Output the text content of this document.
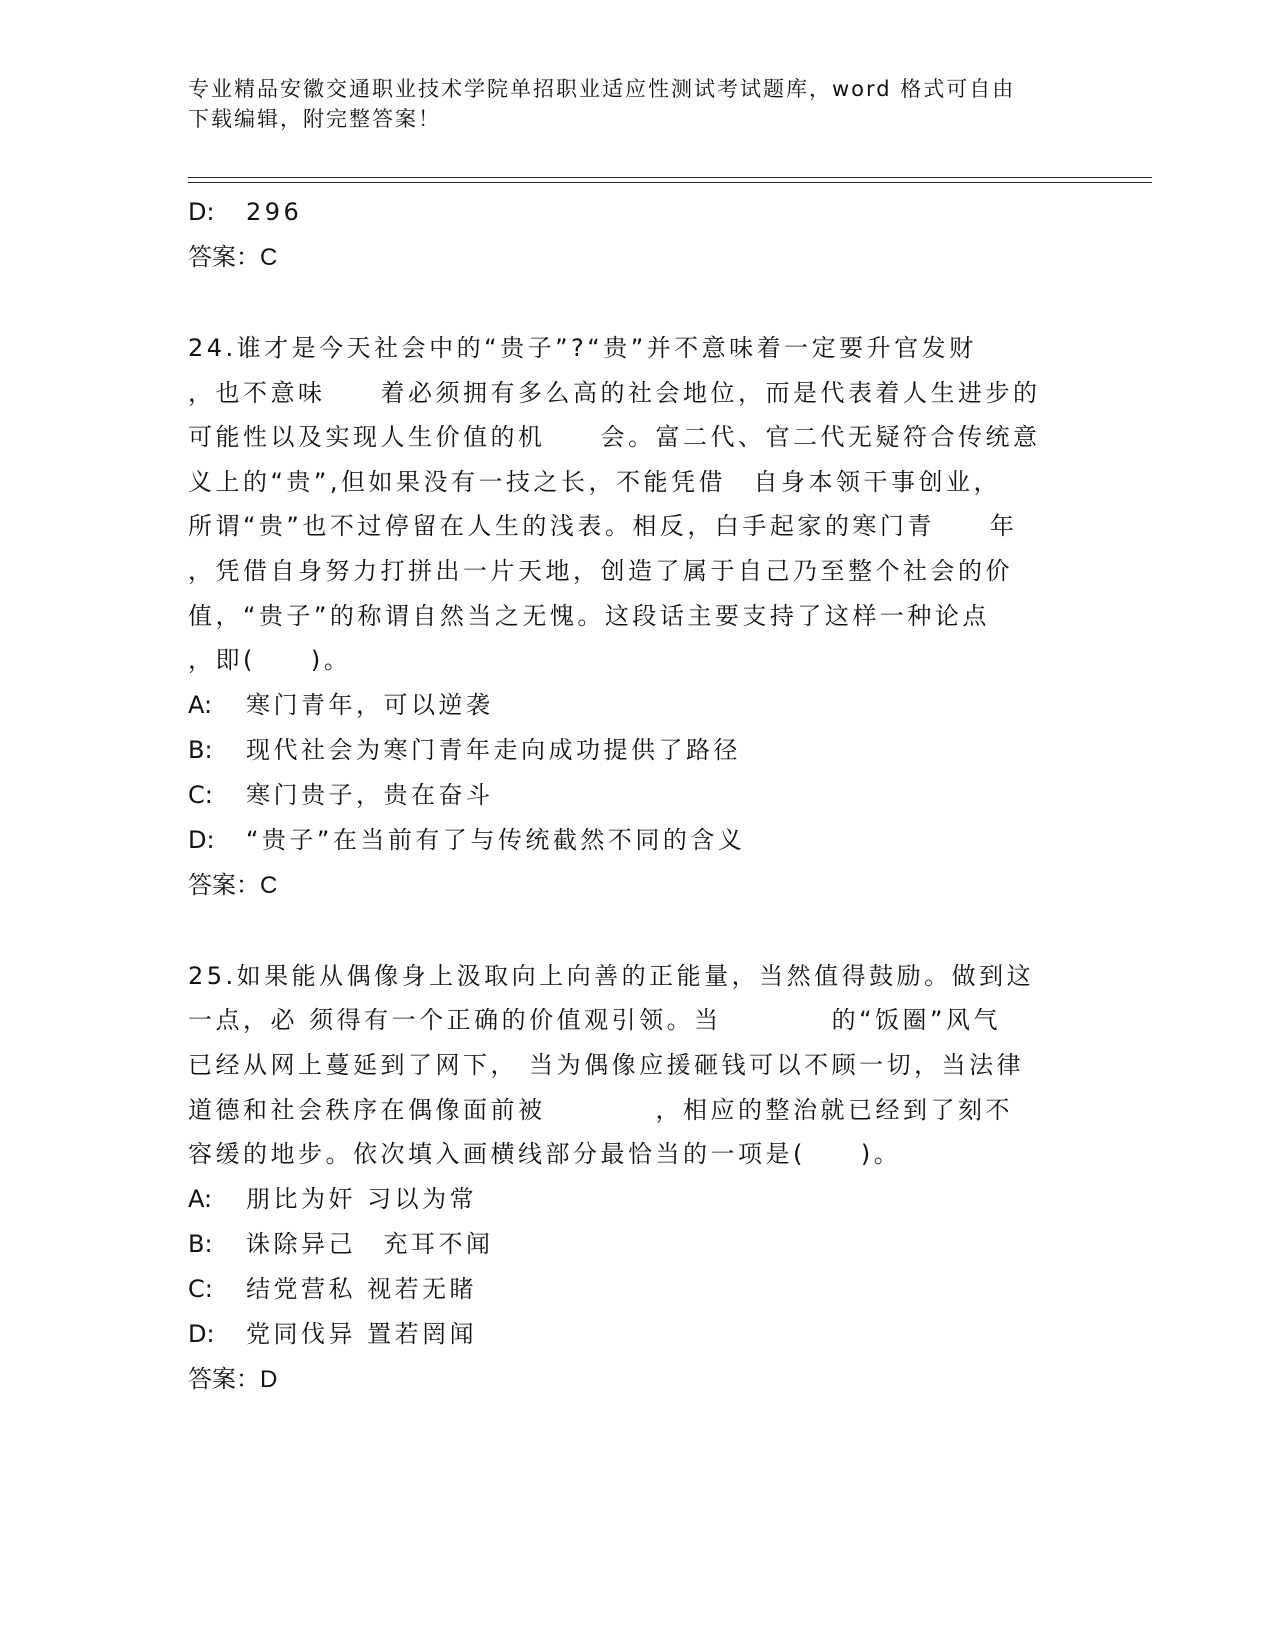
专业精品安徽交通职业技术学院单招职业适应性测试考试题库，word 格式可自由
下载编辑，附完整答案！
D: 296
答案：C
24.谁才是今天社会中的“贵子”?“贵”并不意味着一定要升官发财
，也不意味　　着必须拥有多么高的社会地位，而是代表着人生进步的
可能性以及实现人生价值的机　　会。富二代、官二代无疑符合传统意
义上的“贵”,但如果没有一技之长，不能凭借　自身本领干事创业，
所谓“贵”也不过停留在人生的浅表。相反，白手起家的寒门青　　年
，凭借自身努力打拼出一片天地，创造了属于自己乃至整个社会的价
值，“贵子”的称谓自然当之无愧。这段话主要支持了这样一种论点
，即(　　)。
A: 寒门青年，可以逆袭
B: 现代社会为寒门青年走向成功提供了路径
C: 寒门贵子，贵在奋斗
D: “贵子”在当前有了与传统截然不同的含义
答案：C
25.如果能从偶像身上汲取向上向善的正能量，当然值得鼓励。做到这
一点，必 须得有一个正确的价值观引领。当　　　　的“饭圈”风气
已经从网上蔓延到了网下， 当为偶像应援砸钱可以不顾一切，当法律
道德和社会秩序在偶像面前被　　　　，相应的整治就已经到了刻不
容缓的地步。依次填入画横线部分最恰当的一项是(　　)。
A: 朋比为奸 习以为常
B: 诛除异己　充耳不闻
C: 结党营私 视若无睹
D: 党同伐异 置若罔闻
答案：D
